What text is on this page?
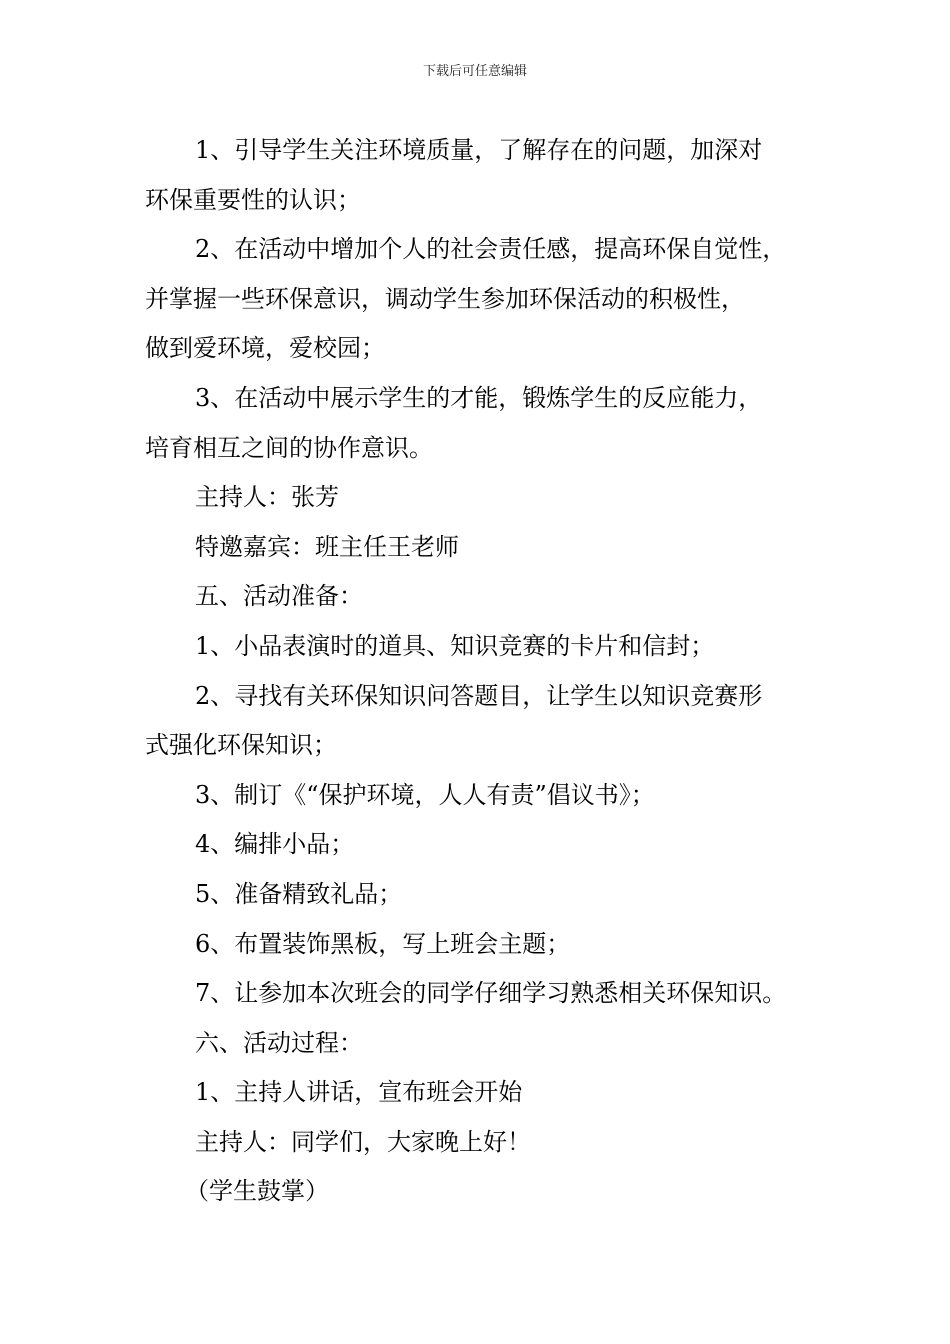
下载后可任意编辑

1、引导学生关注环境质量，了解存在的问题，加深对
环保重要性的认识；

2、在活动中增加个人的社会责任感，提高环保自觉性，
并掌握一些环保意识，调动学生参加环保活动的积极性，
做到爱环境，爱校园；

3、在活动中展示学生的才能，锻炼学生的反应能力，
培育相互之间的协作意识。

主持人：张芳

特邀嘉宾：班主任王老师

五、活动准备：

1、小品表演时的道具、知识竞赛的卡片和信封；

2、寻找有关环保知识问答题目，让学生以知识竞赛形
式强化环保知识；

3、制订《“保护环境，人人有责”倡议书》；

4、编排小品；

5、准备精致礼品；

6、布置装饰黑板，写上班会主题；

7、让参加本次班会的同学仔细学习熟悉相关环保知识。

六、活动过程：

1、主持人讲话，宣布班会开始

主持人：同学们，大家晚上好！

（学生鼓掌）
